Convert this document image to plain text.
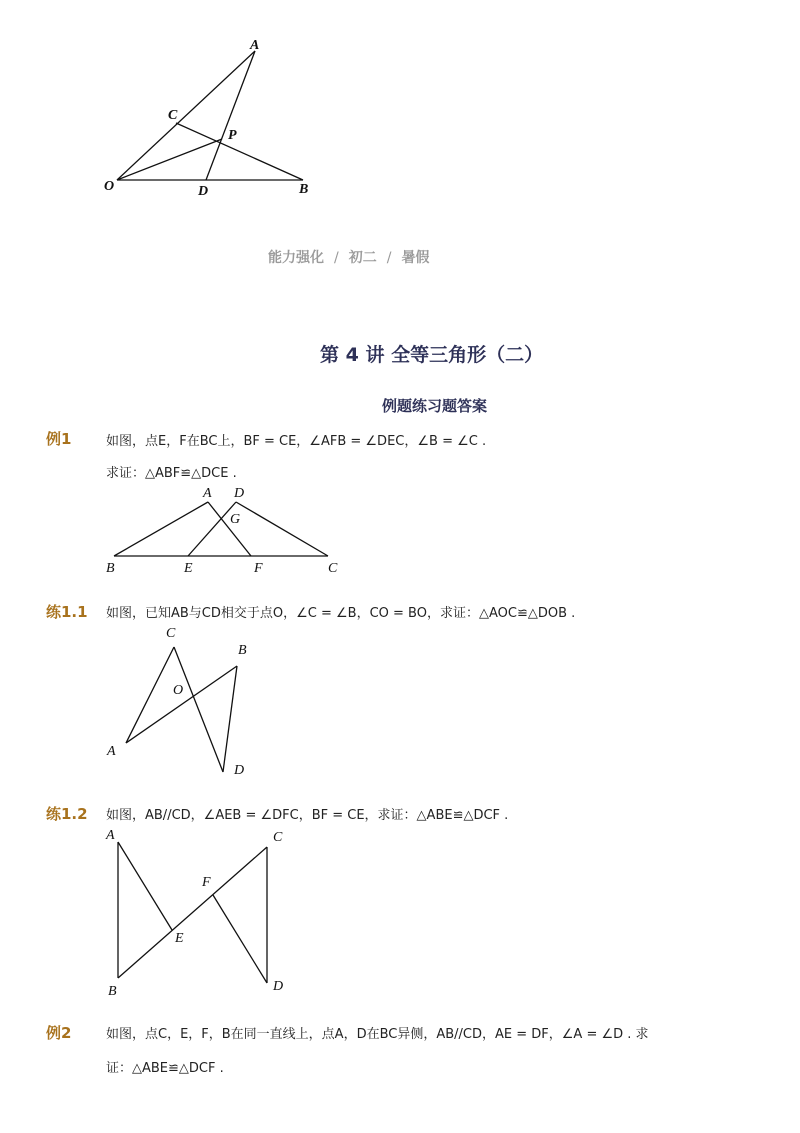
A
C
P
O	D	B
能力强化 / 初二 / 暑假
第 4 讲 全等三角形（二）
例题练习题答案
例1	如图，点E，F在BC上，BF = CE，∠AFB = ∠DEC，∠B = ∠C .
求证：△ABF≌△DCE .
A D
G
B	E	F	C
练1.1 如图，已知AB与CD相交于点O，∠C = ∠B，CO = BO，求证：△AOC≌△DOB .
C
B
O
A
D
练1.2 如图，AB//CD，∠AEB = ∠DFC，BF = CE，求证：△ABE≌△DCF .
A	C
F
E
B	D
例2	如图，点C，E，F，B在同一直线上，点A，D在BC异侧，AB//CD，AE = DF，∠A = ∠D . 求
证：△ABE≌△DCF .
